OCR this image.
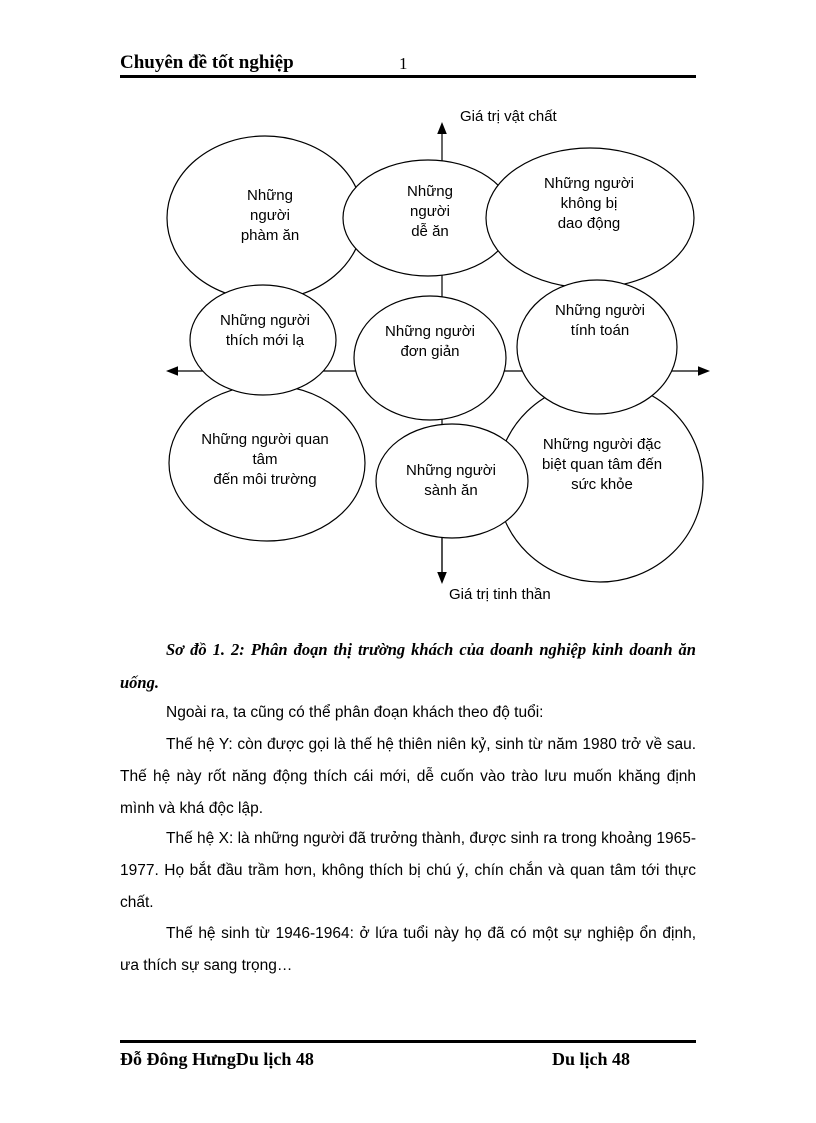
Chuyên đề tốt nghiệp	1
Giá trị vật chất
Giá trị tinh thần
Những
người
phàm ăn
Những
người
dễ ăn
Những người
không bị
dao động
Những người
thích mới lạ
Những người
đơn giản
Những người
tính toán
Những người quan
tâm
đến môi trường
Những người
sành ăn
Những người đặc
biệt quan tâm đến
sức khỏe
Sơ đồ 1. 2: Phân đoạn thị trường khách của doanh nghiệp kinh doanh ăn uống.
Ngoài ra, ta cũng có thể phân đoạn khách theo độ tuổi:
Thế hệ Y: còn được gọi là thế hệ thiên niên kỷ, sinh từ năm 1980 trở về sau. Thế hệ này rốt năng động thích cái mới, dễ cuốn vào trào lưu muốn khăng định mình và khá độc lập.
Thế hệ X: là những người đã trưởng thành, được sinh ra trong khoảng 1965-1977. Họ bắt đầu trầm hơn, không thích bị chú ý, chín chắn và quan tâm tới thực chất.
Thế hệ sinh từ 1946-1964: ở lứa tuổi này họ đã có một sự nghiệp ổn định, ưa thích sự sang trọng…
Đỗ Đông HưngDu lịch 48	Du lịch 48
